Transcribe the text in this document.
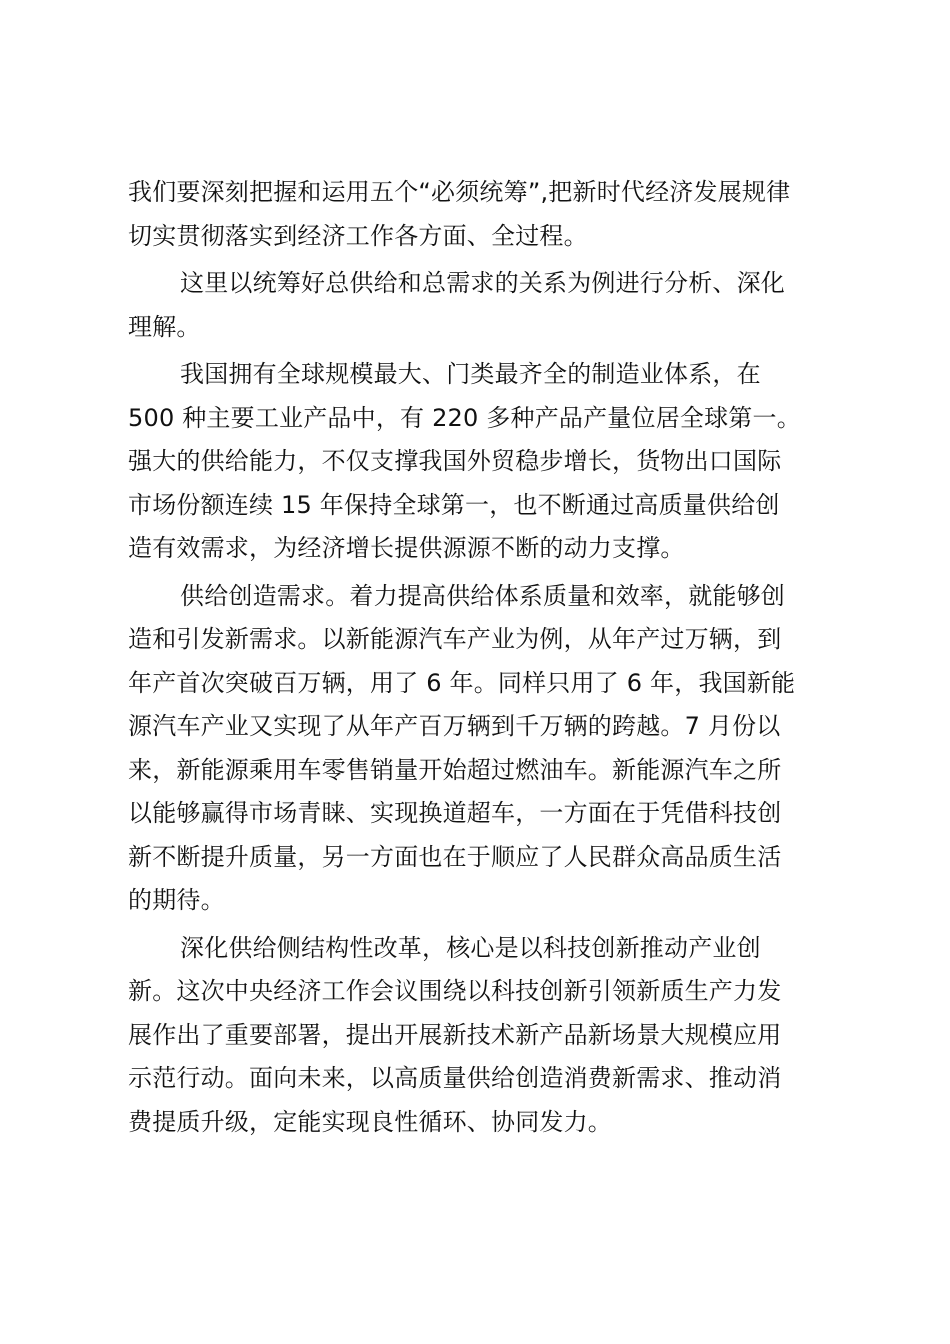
我们要深刻把握和运用五个“必须统筹”,把新时代经济发展规律
切实贯彻落实到经济工作各方面、全过程。
这里以统筹好总供给和总需求的关系为例进行分析、深化
理解。
我国拥有全球规模最大、门类最齐全的制造业体系，在
500 种主要工业产品中，有 220 多种产品产量位居全球第一。
强大的供给能力，不仅支撑我国外贸稳步增长，货物出口国际
市场份额连续 15 年保持全球第一，也不断通过高质量供给创
造有效需求，为经济增长提供源源不断的动力支撑。
供给创造需求。着力提高供给体系质量和效率，就能够创
造和引发新需求。以新能源汽车产业为例，从年产过万辆，到
年产首次突破百万辆，用了 6 年。同样只用了 6 年，我国新能
源汽车产业又实现了从年产百万辆到千万辆的跨越。7 月份以
来，新能源乘用车零售销量开始超过燃油车。新能源汽车之所
以能够赢得市场青睐、实现换道超车，一方面在于凭借科技创
新不断提升质量，另一方面也在于顺应了人民群众高品质生活
的期待。
深化供给侧结构性改革，核心是以科技创新推动产业创
新。这次中央经济工作会议围绕以科技创新引领新质生产力发
展作出了重要部署，提出开展新技术新产品新场景大规模应用
示范行动。面向未来，以高质量供给创造消费新需求、推动消
费提质升级，定能实现良性循环、协同发力。
